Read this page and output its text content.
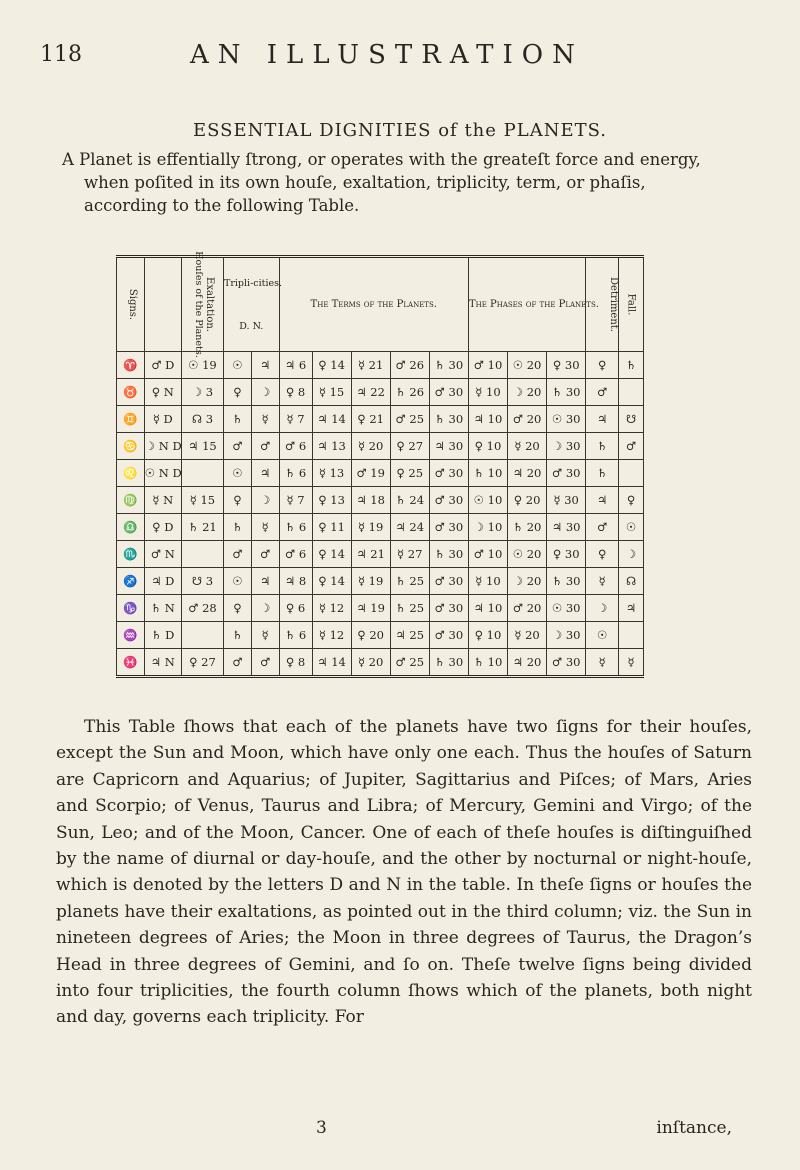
118	AN ILLUSTRATION
ESSENTIAL DIGNITIES of the PLANETS.

A Planet is effentially ſtrong, or operates with the greateſt force and energy,

when poſited in its own houſe, exaltation, triplicity, term, or phaſis,

according to the following Table.

Signs.	Houſes of the Planets.	Exaltation.	Tripli-cities.
D. N.		The Terms of the Planets.					The Phaſes of the Planets.			Detriment.	Fall.
♈	♂ D	☉ 19	☉	♃	♃ 6	♀ 14	☿ 21	♂ 26	♄ 30	♂ 10	☉ 20	♀ 30	♀	♄
♉	♀ N	☽ 3	♀	☽	♀ 8	☿ 15	♃ 22	♄ 26	♂ 30	☿ 10	☽ 20	♄ 30	♂	
♊	☿ D	☊ 3	♄	☿	☿ 7	♃ 14	♀ 21	♂ 25	♄ 30	♃ 10	♂ 20	☉ 30	♃	☋
♋	☽ N D	♃ 15	♂	♂	♂ 6	♃ 13	☿ 20	♀ 27	♃ 30	♀ 10	☿ 20	☽ 30	♄	♂
♌	☉ N D		☉	♃	♄ 6	☿ 13	♂ 19	♀ 25	♂ 30	♄ 10	♃ 20	♂ 30	♄	
♍	☿ N	☿ 15	♀	☽	☿ 7	♀ 13	♃ 18	♄ 24	♂ 30	☉ 10	♀ 20	☿ 30	♃	♀
♎	♀ D	♄ 21	♄	☿	♄ 6	♀ 11	☿ 19	♃ 24	♂ 30	☽ 10	♄ 20	♃ 30	♂	☉
♏	♂ N		♂	♂	♂ 6	♀ 14	♃ 21	☿ 27	♄ 30	♂ 10	☉ 20	♀ 30	♀	☽
♐	♃ D	☋ 3	☉	♃	♃ 8	♀ 14	☿ 19	♄ 25	♂ 30	☿ 10	☽ 20	♄ 30	☿	☊
♑	♄ N	♂ 28	♀	☽	♀ 6	☿ 12	♃ 19	♄ 25	♂ 30	♃ 10	♂ 20	☉ 30	☽	♃
♒	♄ D		♄	☿	♄ 6	☿ 12	♀ 20	♃ 25	♂ 30	♀ 10	☿ 20	☽ 30	☉	
♓	♃ N	♀ 27	♂	♂	♀ 8	♃ 14	☿ 20	♂ 25	♄ 30	♄ 10	♃ 20	♂ 30	☿	☿

This Table ſhows that each of the planets have two ſigns for their houſes, except the Sun and Moon, which have only one each. Thus the houſes of Saturn are Capricorn and Aquarius; of Jupiter, Sagittarius and Piſces; of Mars, Aries and Scorpio; of Venus, Taurus and Libra; of Mercury, Gemini and Virgo; of the Sun, Leo; and of the Moon, Cancer. One of each of theſe houſes is diſtinguiſhed by the name of diurnal or day-houſe, and the other by nocturnal or night-houſe, which is denoted by the letters D and N in the table. In theſe ſigns or houſes the planets have their exaltations, as pointed out in the third column; viz. the Sun in nineteen degrees of Aries; the Moon in three degrees of Taurus, the Dragon’s Head in three degrees of Gemini, and ſo on. Theſe twelve ſigns being divided into four triplicities, the fourth column ſhows which of the planets, both night and day, governs each triplicity. For

3	inſtance,
